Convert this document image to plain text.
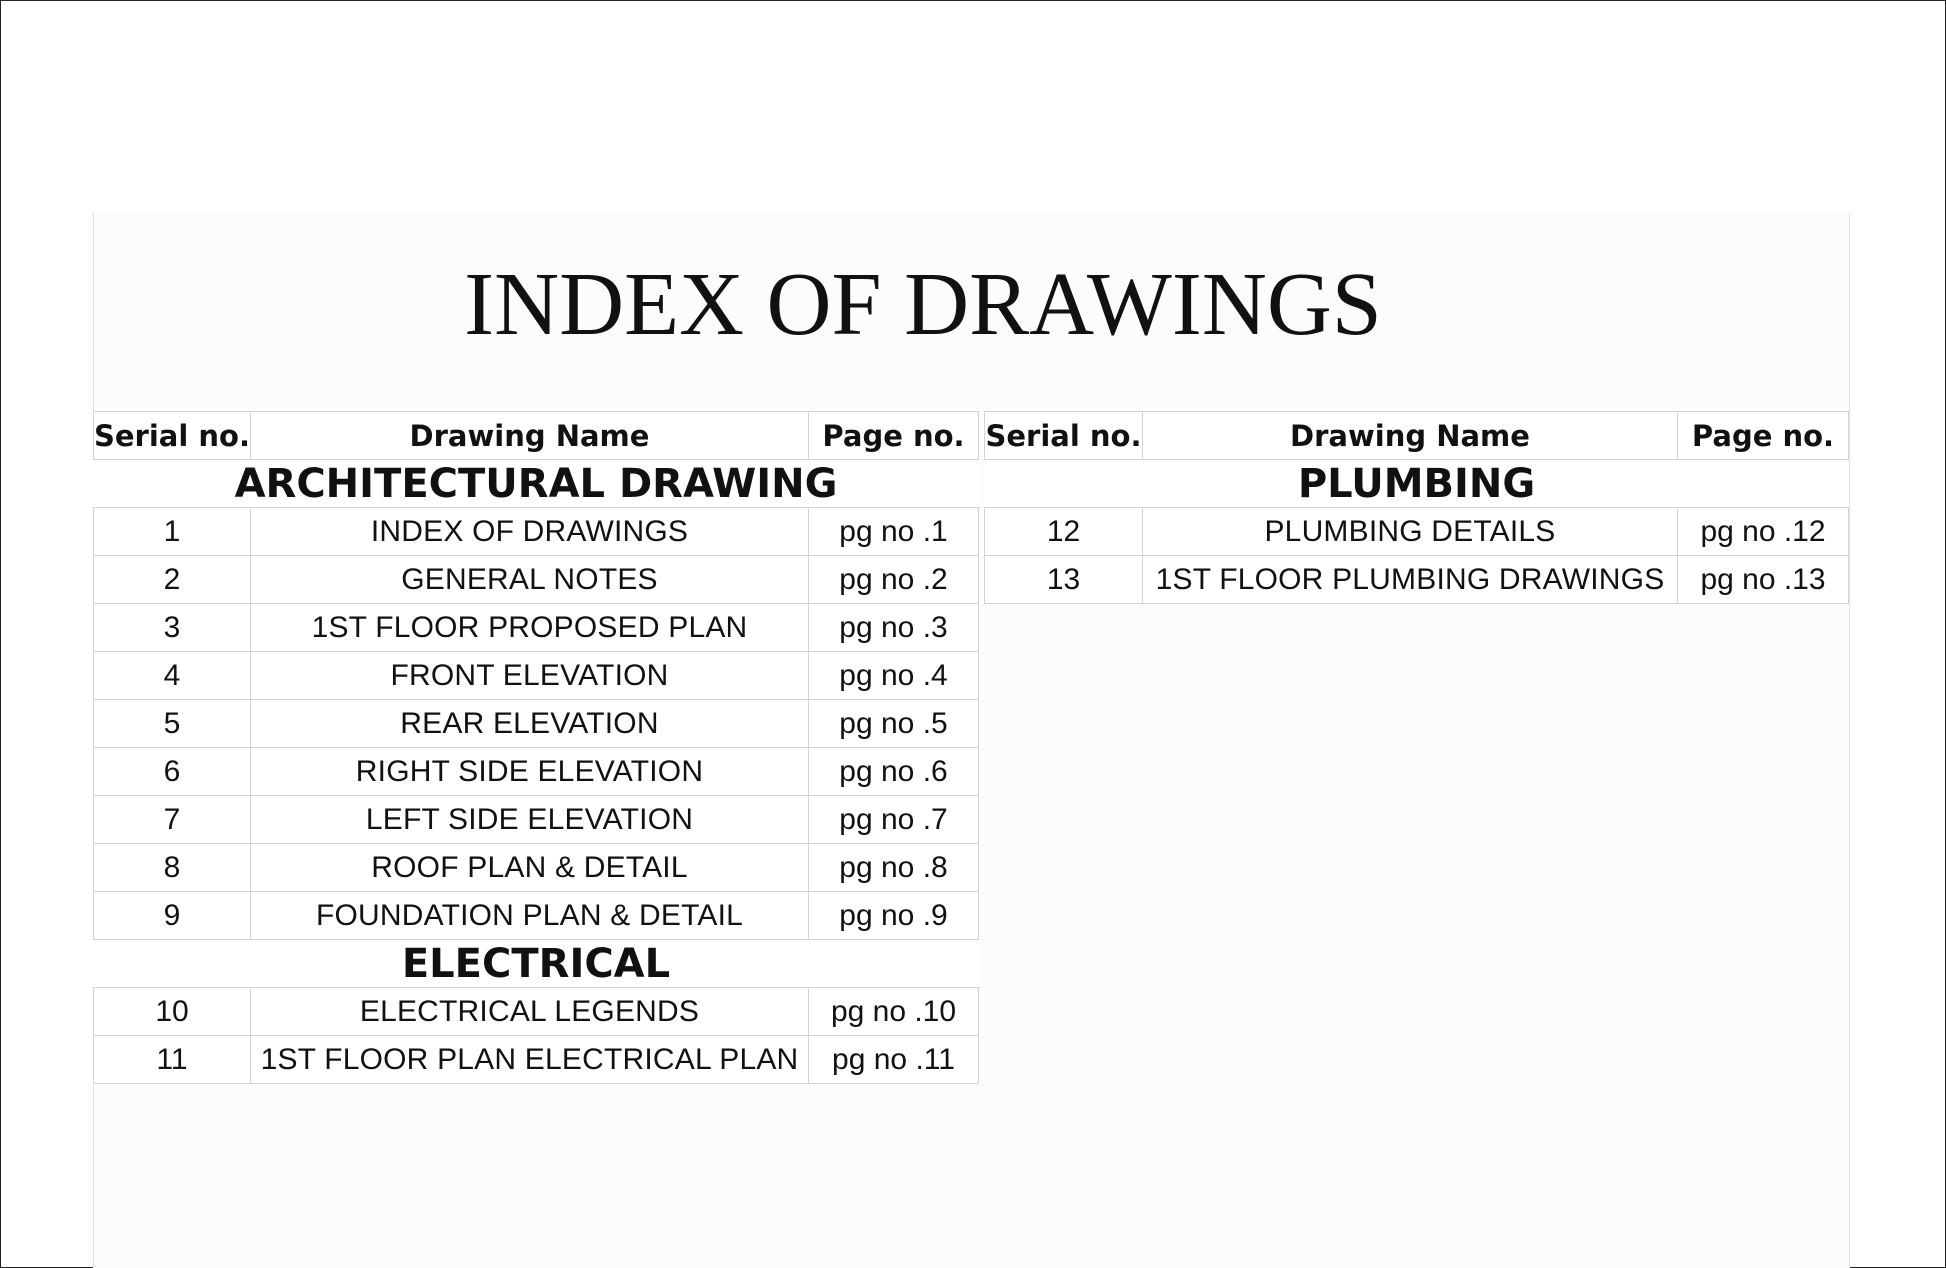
INDEX OF DRAWINGS
Serial no.	Drawing Name	Page no.
ARCHITECTURAL DRAWING		
1	INDEX OF DRAWINGS	pg no .1
2	GENERAL NOTES	pg no .2
3	1ST FLOOR PROPOSED PLAN	pg no .3
4	FRONT ELEVATION	pg no .4
5	REAR ELEVATION	pg no .5
6	RIGHT SIDE ELEVATION	pg no .6
7	LEFT SIDE ELEVATION	pg no .7
8	ROOF PLAN & DETAIL	pg no .8
9	FOUNDATION PLAN & DETAIL	pg no .9
ELECTRICAL		
10	ELECTRICAL LEGENDS	pg no .10
11	1ST FLOOR PLAN ELECTRICAL PLAN	pg no .11
Serial no.	Drawing Name	Page no.
PLUMBING		
12	PLUMBING DETAILS	pg no .12
13	1ST FLOOR PLUMBING DRAWINGS	pg no .13
